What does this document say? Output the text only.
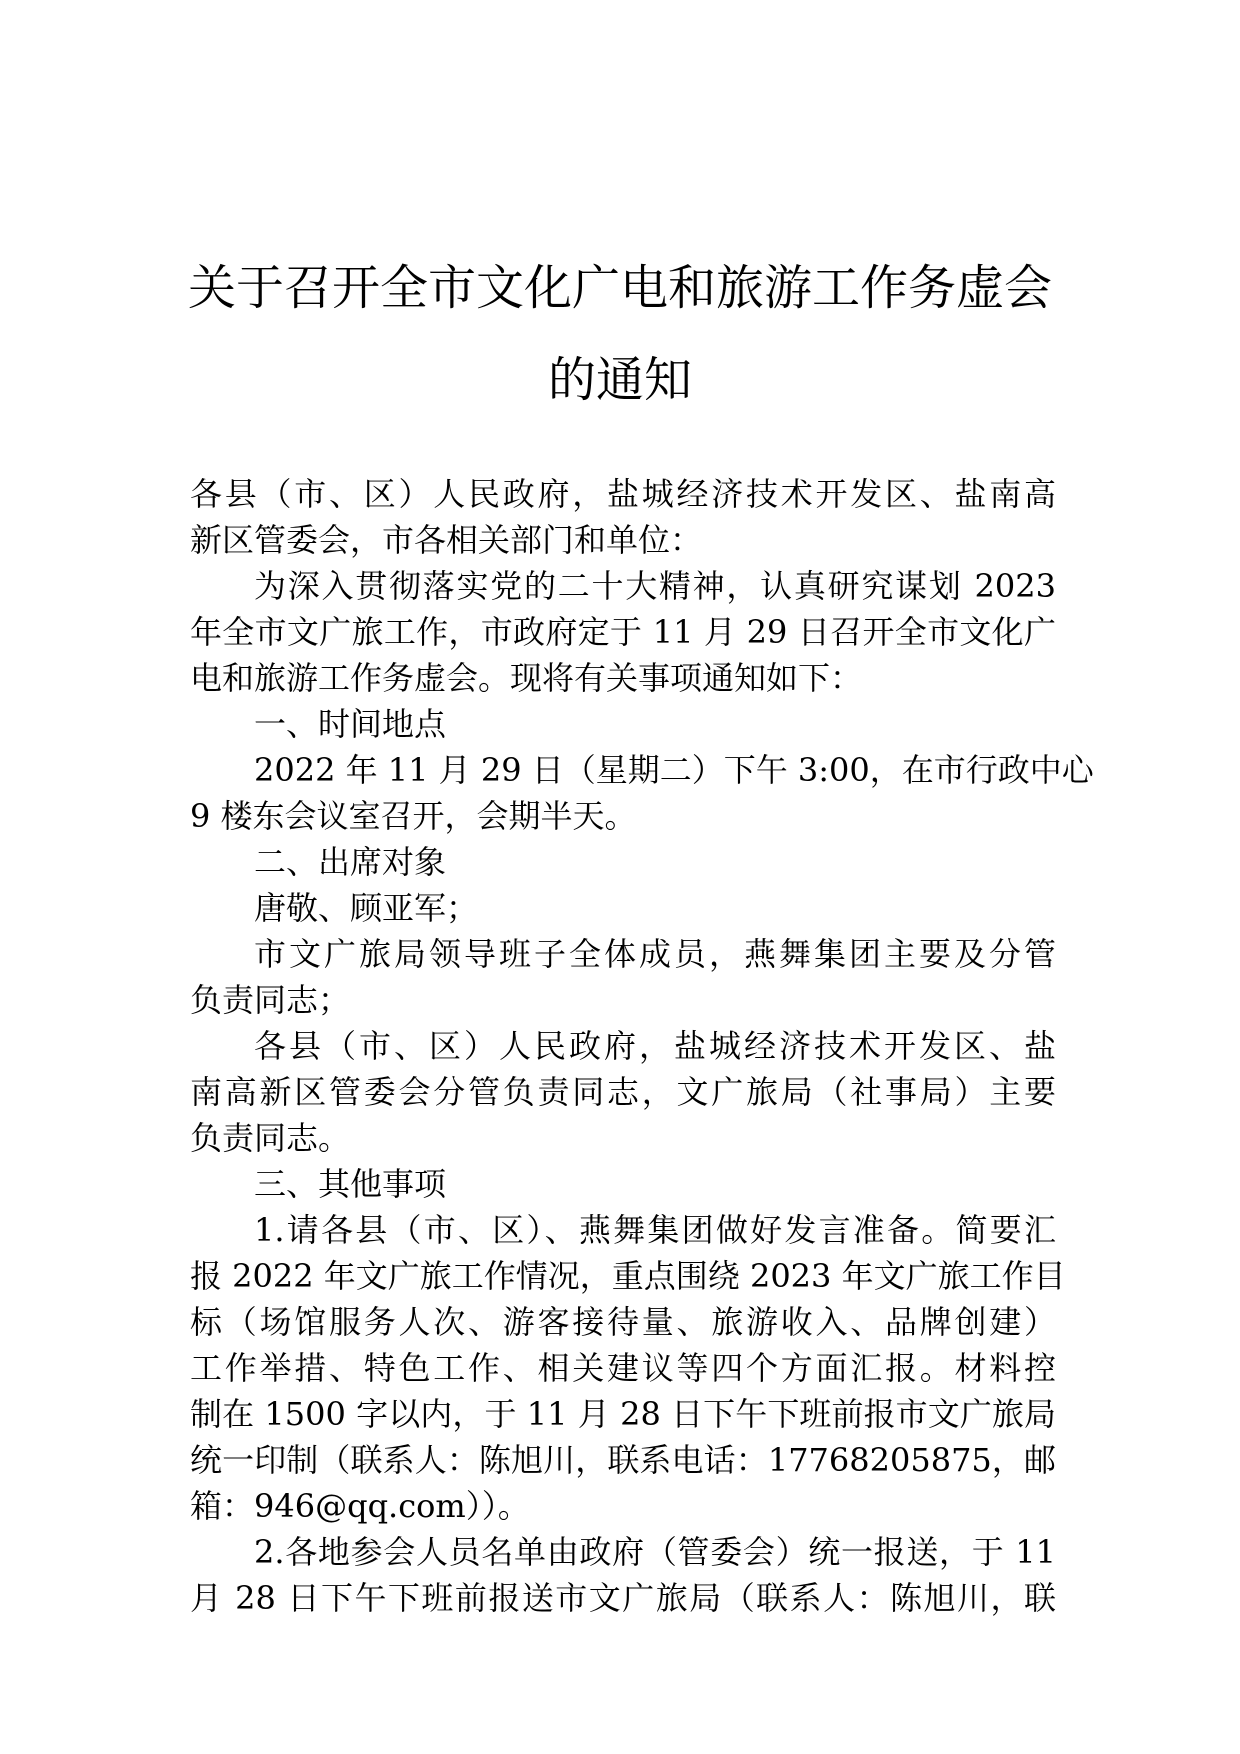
关于召开全市文化广电和旅游工作务虚会
的通知
各县（市、区）人民政府，盐城经济技术开发区、盐南高
新区管委会，市各相关部门和单位：
为深入贯彻落实党的二十大精神，认真研究谋划 2023
年全市文广旅工作，市政府定于 11 月 29 日召开全市文化广
电和旅游工作务虚会。现将有关事项通知如下：
一、时间地点
2022 年 11 月 29 日（星期二）下午 3:00，在市行政中心
9 楼东会议室召开，会期半天。
二、出席对象
唐敬、顾亚军；
市文广旅局领导班子全体成员，燕舞集团主要及分管
负责同志；
各县（市、区）人民政府，盐城经济技术开发区、盐
南高新区管委会分管负责同志，文广旅局（社事局）主要
负责同志。
三、其他事项
1.请各县（市、区）、燕舞集团做好发言准备。简要汇
报 2022 年文广旅工作情况，重点围绕 2023 年文广旅工作目
标（场馆服务人次、游客接待量、旅游收入、品牌创建）
工作举措、特色工作、相关建议等四个方面汇报。材料控
制在 1500 字以内，于 11 月 28 日下午下班前报市文广旅局
统一印制（联系人：陈旭川，联系电话：17768205875，邮
箱：946@qq.com））。
2.各地参会人员名单由政府（管委会）统一报送，于 11
月 28 日下午下班前报送市文广旅局（联系人：陈旭川，联
